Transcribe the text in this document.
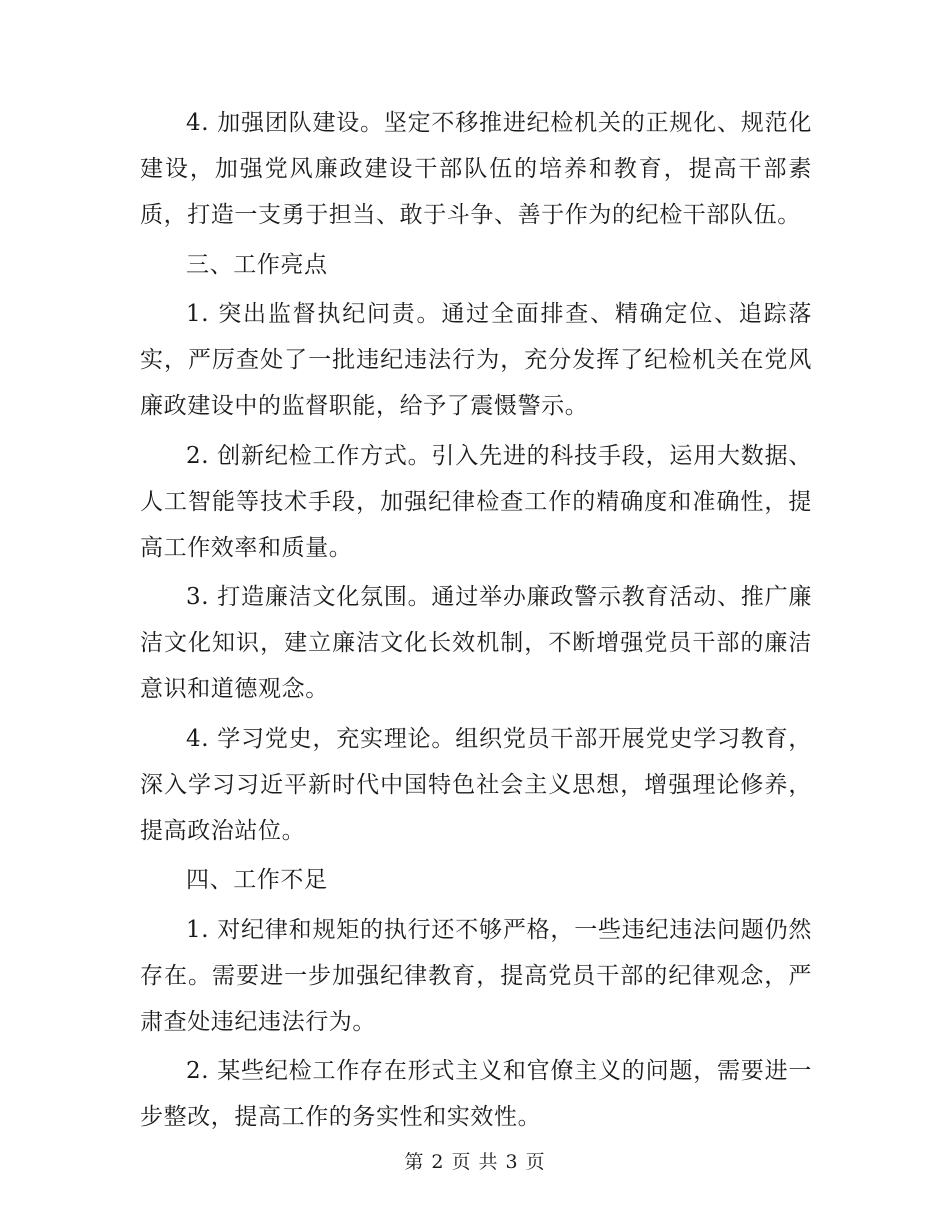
4. 加强团队建设。坚定不移推进纪检机关的正规化、规范化建设，加强党风廉政建设干部队伍的培养和教育，提高干部素质，打造一支勇于担当、敢于斗争、善于作为的纪检干部队伍。

三、工作亮点

1. 突出监督执纪问责。通过全面排查、精确定位、追踪落实，严厉查处了一批违纪违法行为，充分发挥了纪检机关在党风廉政建设中的监督职能，给予了震慑警示。

2. 创新纪检工作方式。引入先进的科技手段，运用大数据、人工智能等技术手段，加强纪律检查工作的精确度和准确性，提高工作效率和质量。

3. 打造廉洁文化氛围。通过举办廉政警示教育活动、推广廉洁文化知识，建立廉洁文化长效机制，不断增强党员干部的廉洁意识和道德观念。

4. 学习党史，充实理论。组织党员干部开展党史学习教育，深入学习习近平新时代中国特色社会主义思想，增强理论修养，提高政治站位。

四、工作不足

1. 对纪律和规矩的执行还不够严格，一些违纪违法问题仍然存在。需要进一步加强纪律教育，提高党员干部的纪律观念，严肃查处违纪违法行为。

2. 某些纪检工作存在形式主义和官僚主义的问题，需要进一步整改，提高工作的务实性和实效性。

第 2 页 共 3 页
